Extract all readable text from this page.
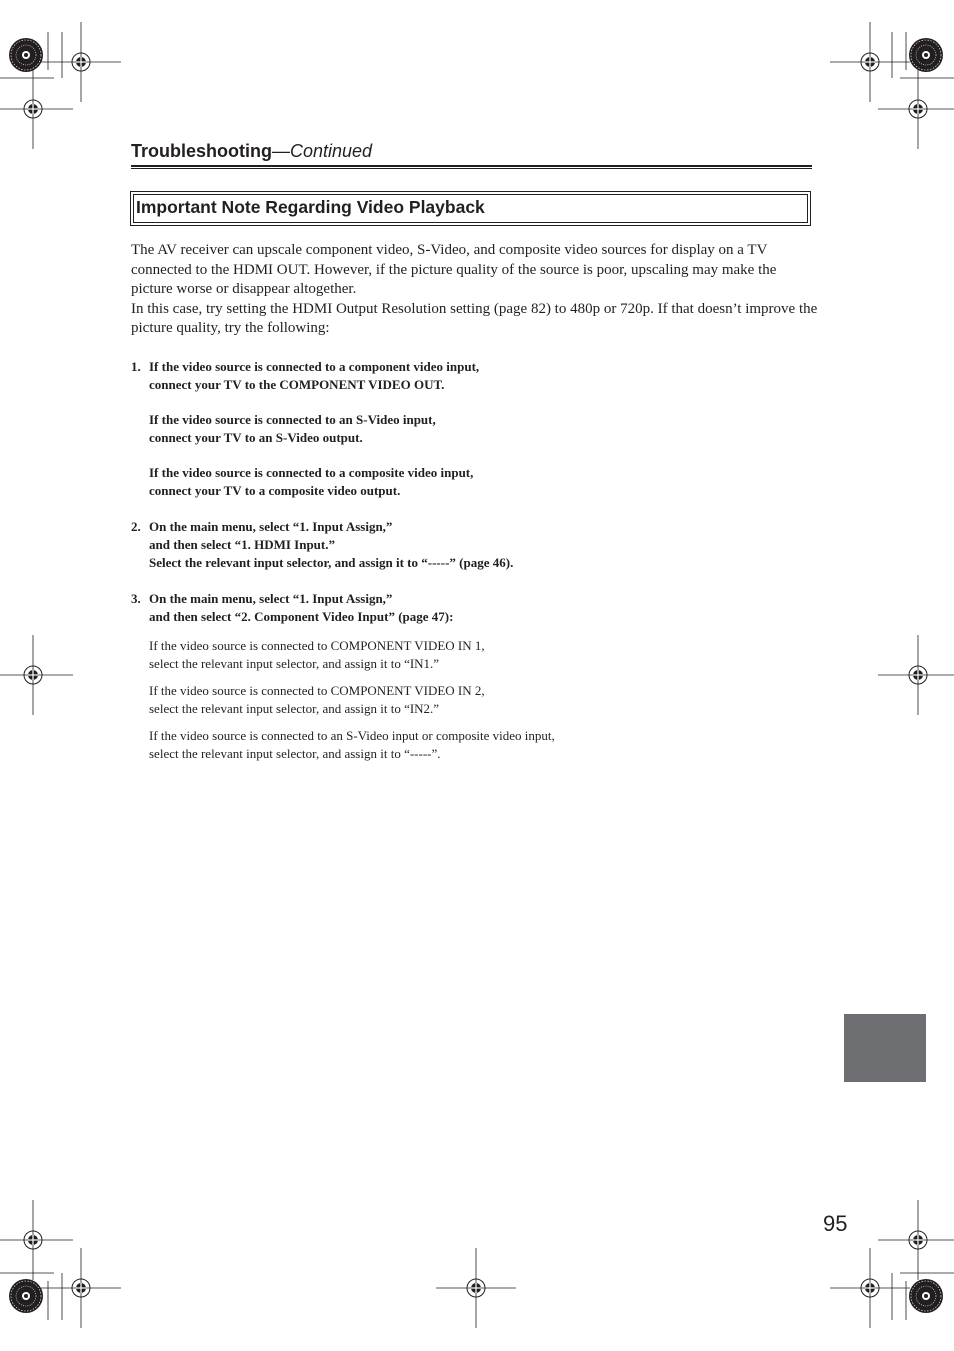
Troubleshooting—Continued
Important Note Regarding Video Playback

The AV receiver can upscale component video, S-Video, and composite video sources for display on a TV connected to the HDMI OUT. However, if the picture quality of the source is poor, upscaling may make the picture worse or disappear altogether.

In this case, try setting the HDMI Output Resolution setting (page 82) to 480p or 720p. If that doesn’t improve the picture quality, try the following:

1. If the video source is connected to a component video input,
connect your TV to the COMPONENT VIDEO OUT.
If the video source is connected to an S-Video input,
connect your TV to an S-Video output.
If the video source is connected to a composite video input,
connect your TV to a composite video output.
2. On the main menu, select “1. Input Assign,”
and then select “1. HDMI Input.”
Select the relevant input selector, and assign it to “-----” (page 46).
3. On the main menu, select “1. Input Assign,”
and then select “2. Component Video Input” (page 47):
If the video source is connected to COMPONENT VIDEO IN 1,
select the relevant input selector, and assign it to “IN1.”
If the video source is connected to COMPONENT VIDEO IN 2,
select the relevant input selector, and assign it to “IN2.”
If the video source is connected to an S-Video input or composite video input,
select the relevant input selector, and assign it to “-----”.
95
